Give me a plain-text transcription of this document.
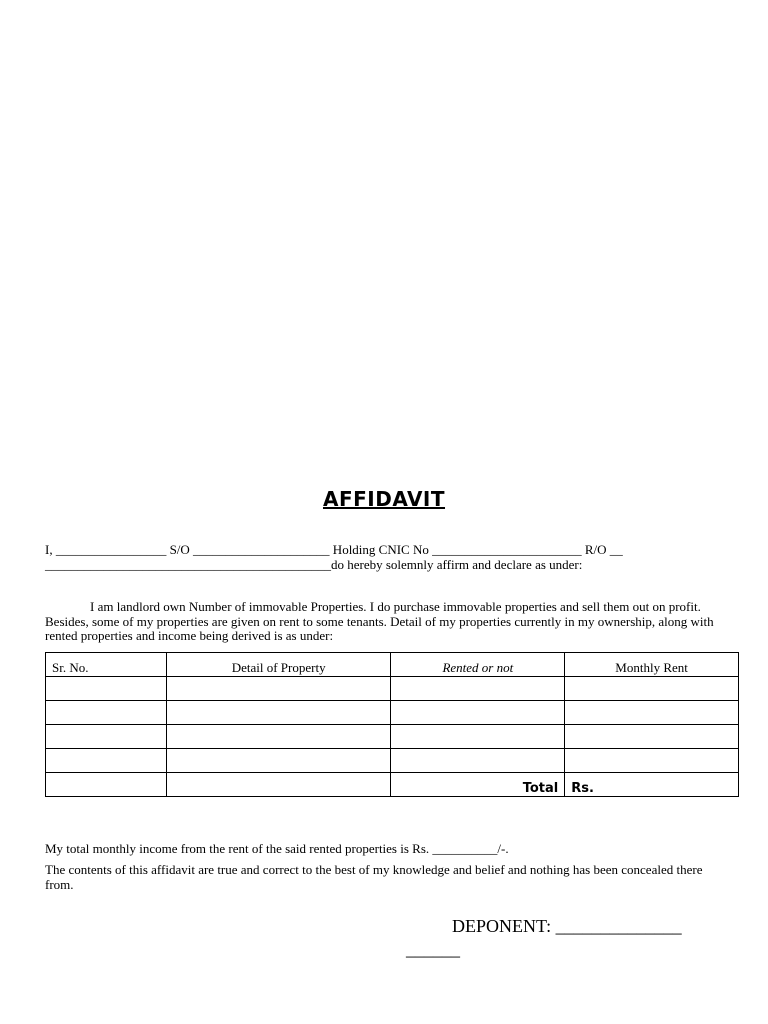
AFFIDAVIT
I, _________________ S/O _____________________ Holding CNIC No _______________________ R/O __
____________________________________________do hereby solemnly affirm and declare as under:
I am landlord own Number of immovable Properties. I do purchase immovable properties and sell them out on profit. Besides, some of my properties are given on rent to some tenants. Detail of my properties currently in my ownership, along with rented properties and income being derived is as under:
Sr. No.	Detail of Property	Rented or not	Monthly Rent

		Total	Rs.
My total monthly income from the rent of the said rented properties is Rs. __________/-.
The contents of this affidavit are true and correct to the best of my knowledge and belief and nothing has been concealed there from.
DEPONENT: ______________
______
